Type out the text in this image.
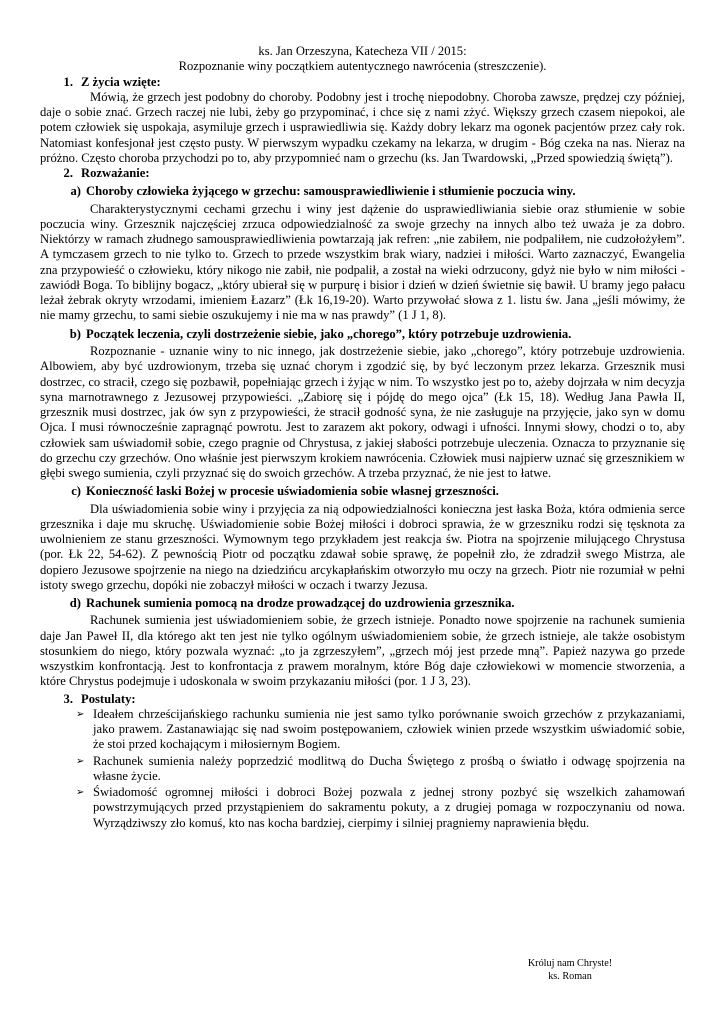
ks. Jan Orzeszyna, Katecheza VII / 2015:
Rozpoznanie winy początkiem autentycznego nawrócenia (streszczenie).
1. Z życia wzięte:

Mówią, że grzech jest podobny do choroby. Podobny jest i trochę niepodobny. Choroba zawsze, prędzej czy później, daje o sobie znać. Grzech raczej nie lubi, żeby go przypominać, i chce się z nami zżyć. Większy grzech czasem niepokoi, ale potem człowiek się uspokaja, asymiluje grzech i usprawiedliwia się. Każdy dobry lekarz ma ogonek pacjentów przez cały rok. Natomiast konfesjonał jest często pusty. W pierwszym wypadku czekamy na lekarza, w drugim - Bóg czeka na nas. Nieraz na próżno. Często choroba przychodzi po to, aby przypomnieć nam o grzechu (ks. Jan Twardowski, „Przed spowiedzią świętą”).

2. Rozważanie:
a) Choroby człowieka żyjącego w grzechu: samousprawiedliwienie i stłumienie poczucia winy.

Charakterystycznymi cechami grzechu i winy jest dążenie do usprawiedliwiania siebie oraz stłumienie w sobie poczucia winy. Grzesznik najczęściej zrzuca odpowiedzialność za swoje grzechy na innych albo też uważa je za dobro. Niektórzy w ramach złudnego samousprawiedliwienia powtarzają jak refren: „nie zabiłem, nie podpaliłem, nie cudzołożyłem”. A tymczasem grzech to nie tylko to. Grzech to przede wszystkim brak wiary, nadziei i miłości. Warto zaznaczyć, Ewangelia zna przypowieść o człowieku, który nikogo nie zabił, nie podpalił, a został na wieki odrzucony, gdyż nie było w nim miłości - zawiódł Boga. To biblijny bogacz, „który ubierał się w purpurę i bisior i dzień w dzień świetnie się bawił. U bramy jego pałacu leżał żebrak okryty wrzodami, imieniem Łazarz” (Łk 16,19-20). Warto przywołać słowa z 1. listu św. Jana „jeśli mówimy, że nie mamy grzechu, to sami siebie oszukujemy i nie ma w nas prawdy” (1 J 1, 8).

b) Początek leczenia, czyli dostrzeżenie siebie, jako „chorego”, który potrzebuje uzdrowienia.

Rozpoznanie - uznanie winy to nic innego, jak dostrzeżenie siebie, jako „chorego”, który potrzebuje uzdrowienia. Albowiem, aby być uzdrowionym, trzeba się uznać chorym i zgodzić się, by być leczonym przez lekarza. Grzesznik musi dostrzec, co stracił, czego się pozbawił, popełniając grzech i żyjąc w nim. To wszystko jest po to, ażeby dojrzała w nim decyzja syna marnotrawnego z Jezusowej przypowieści. „Zabiorę się i pójdę do mego ojca” (Łk 15, 18). Według Jana Pawła II, grzesznik musi dostrzec, jak ów syn z przypowieści, że stracił godność syna, że nie zasługuje na przyjęcie, jako syn w domu Ojca. I musi równocześnie zapragnąć powrotu. Jest to zarazem akt pokory, odwagi i ufności. Innymi słowy, chodzi o to, aby człowiek sam uświadomił sobie, czego pragnie od Chrystusa, z jakiej słabości potrzebuje uleczenia. Oznacza to przyznanie się do grzechu czy grzechów. Ono właśnie jest pierwszym krokiem nawrócenia. Człowiek musi najpierw uznać się grzesznikiem w głębi swego sumienia, czyli przyznać się do swoich grzechów. A trzeba przyznać, że nie jest to łatwe.

c) Konieczność łaski Bożej w procesie uświadomienia sobie własnej grzeszności.

Dla uświadomienia sobie winy i przyjęcia za nią odpowiedzialności konieczna jest łaska Boża, która odmienia serce grzesznika i daje mu skruchę. Uświadomienie sobie Bożej miłości i dobroci sprawia, że w grzeszniku rodzi się tęsknota za uwolnieniem ze stanu grzeszności. Wymownym tego przykładem jest reakcja św. Piotra na spojrzenie milującego Chrystusa (por. Łk 22, 54-62). Z pewnością Piotr od początku zdawał sobie sprawę, że popełnił zło, że zdradził swego Mistrza, ale dopiero Jezusowe spojrzenie na niego na dziedzińcu arcykapłańskim otworzyło mu oczy na grzech. Piotr nie rozumiał w pełni istoty swego grzechu, dopóki nie zobaczył miłości w oczach i twarzy Jezusa.

d) Rachunek sumienia pomocą na drodze prowadzącej do uzdrowienia grzesznika.

Rachunek sumienia jest uświadomieniem sobie, że grzech istnieje. Ponadto nowe spojrzenie na rachunek sumienia daje Jan Paweł II, dla którego akt ten jest nie tylko ogólnym uświadomieniem sobie, że grzech istnieje, ale także osobistym stosunkiem do niego, który pozwala wyznać: „to ja zgrzeszyłem”, „grzech mój jest przede mną”. Papież nazywa go przede wszystkim konfrontacją. Jest to konfrontacja z prawem moralnym, które Bóg daje człowiekowi w momencie stworzenia, a które Chrystus podejmuje i udoskonala w swoim przykazaniu miłości (por. 1 J 3, 23).

3. Postulaty:
➢ Ideałem chrześcijańskiego rachunku sumienia nie jest samo tylko porównanie swoich grzechów z przykazaniami, jako prawem. Zastanawiając się nad swoim postępowaniem, człowiek winien przede wszystkim uświadomić sobie, że stoi przed kochającym i miłosiernym Bogiem.
➢ Rachunek sumienia należy poprzedzić modlitwą do Ducha Świętego z prośbą o światło i odwagę spojrzenia na własne życie.
➢ Świadomość ogromnej miłości i dobroci Bożej pozwala z jednej strony pozbyć się wszelkich zahamowań powstrzymujących przed przystąpieniem do sakramentu pokuty, a z drugiej pomaga w rozpoczynaniu od nowa. Wyrządziwszy zło komuś, kto nas kocha bardziej, cierpimy i silniej pragniemy naprawienia błędu.
Króluj nam Chryste!
ks. Roman
